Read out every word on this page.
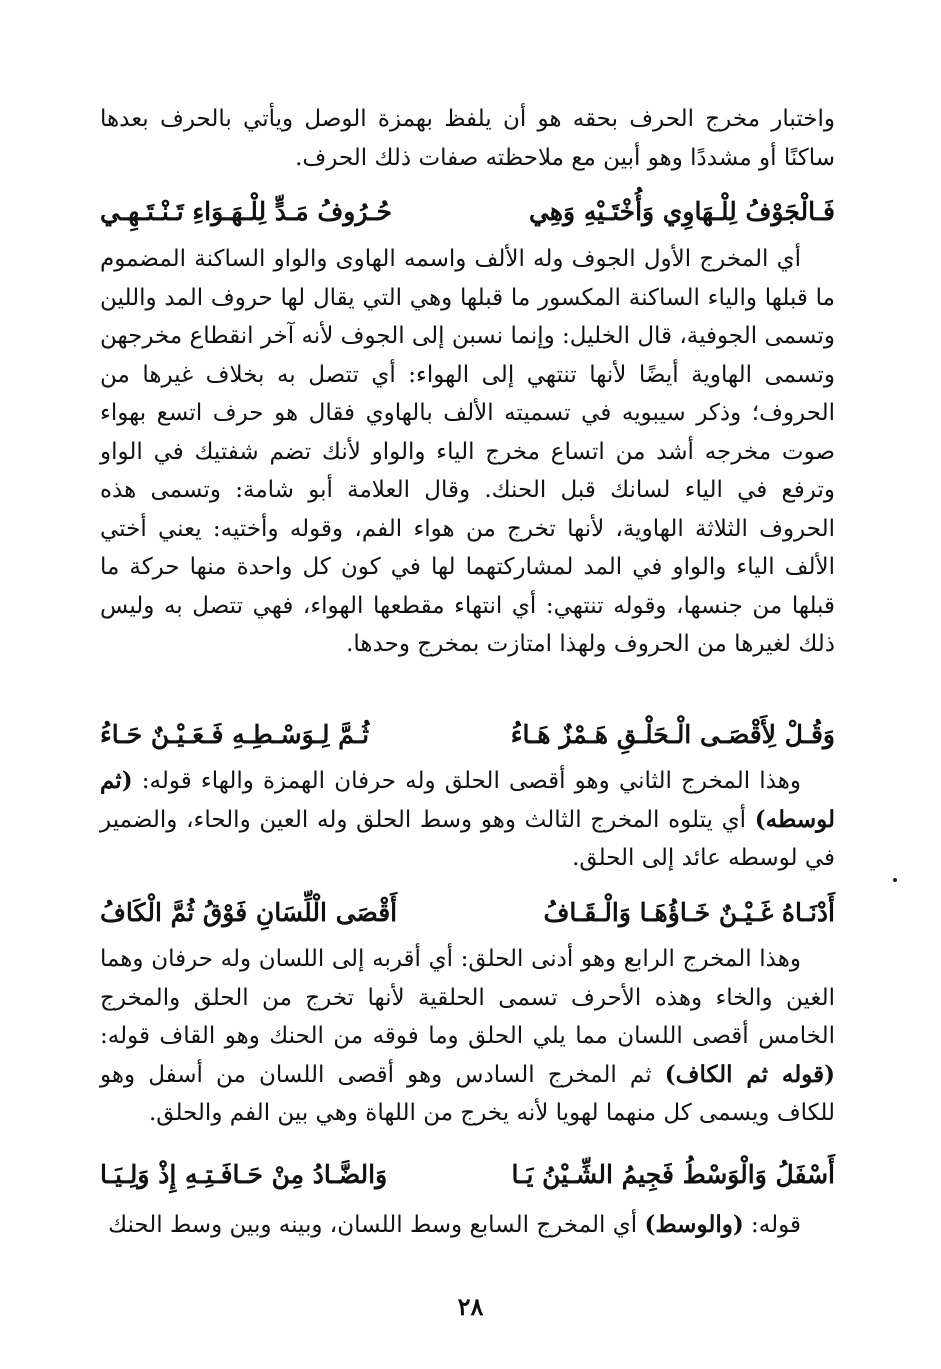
واختبار مخرج الحرف بحقه هو أن يلفظ بهمزة الوصل ويأتي بالحرف بعدها ساكنًا أو مشددًا وهو أبين مع ملاحظته صفات ذلك الحرف.

فَـالْجَوْفُ لِلْـهَاوِي وَأُخْتَـيْهِ وَهِي
حُـرُوفُ مَـدٍّ لِلْـهَـوَاءِ تَـنْـتَـهِـي

أي المخرج الأول الجوف وله الألف واسمه الهاوى والواو الساكنة المضموم ما قبلها والياء الساكنة المكسور ما قبلها وهي التي يقال لها حروف المد واللين وتسمى الجوفية، قال الخليل: وإنما نسبن إلى الجوف لأنه آخر انقطاع مخرجهن وتسمى الهاوية أيضًا لأنها تنتهي إلى الهواء: أي تتصل به بخلاف غيرها من الحروف؛ وذكر سيبويه في تسميته الألف بالهاوي فقال هو حرف اتسع بهواء صوت مخرجه أشد من اتساع مخرج الياء والواو لأنك تضم شفتيك في الواو وترفع في الياء لسانك قبل الحنك. وقال العلامة أبو شامة: وتسمى هذه الحروف الثلاثة الهاوية، لأنها تخرج من هواء الفم، وقوله وأختيه: يعني أختي الألف الياء والواو في المد لمشاركتهما لها في كون كل واحدة منها حركة ما قبلها من جنسها، وقوله تنتهي: أي انتهاء مقطعها الهواء، فهي تتصل به وليس ذلك لغيرها من الحروف ولهذا امتازت بمخرج وحدها.

وَقُـلْ لِأَقْصَـى الْـحَلْـقِ هَـمْزٌ هَـاءُ
ثُـمَّ لِـوَسْـطِـهِ فَـعَـيْـنٌ حَـاءُ

وهذا المخرج الثاني وهو أقصى الحلق وله حرفان الهمزة والهاء قوله: (ثم لوسطه) أي يتلوه المخرج الثالث وهو وسط الحلق وله العين والحاء، والضمير في لوسطه عائد إلى الحلق.

أَدْنَـاهُ غَـيْـنٌ خَـاؤُهَـا وَالْـقَـافُ
أَقْصَى الْلِّسَانِ فَوْقُ ثُمَّ الْكَافُ

وهذا المخرج الرابع وهو أدنى الحلق: أي أقربه إلى اللسان وله حرفان وهما الغين والخاء وهذه الأحرف تسمى الحلقية لأنها تخرج من الحلق والمخرج الخامس أقصى اللسان مما يلي الحلق وما فوقه من الحنك وهو القاف قوله: (قوله ثم الكاف) ثم المخرج السادس وهو أقصى اللسان من أسفل وهو للكاف ويسمى كل منهما لهويا لأنه يخرج من اللهاة وهي بين الفم والحلق.

أَسْفَلُ وَالْوَسْطُ فَجِيمُ الشِّـيْنُ يَـا
وَالضَّـادُ مِنْ حَـافَـتِـهِ إِذْ وَلِـيَـا

قوله: (والوسط) أي المخرج السابع وسط اللسان، وبينه وبين وسط الحنك

٢٨
